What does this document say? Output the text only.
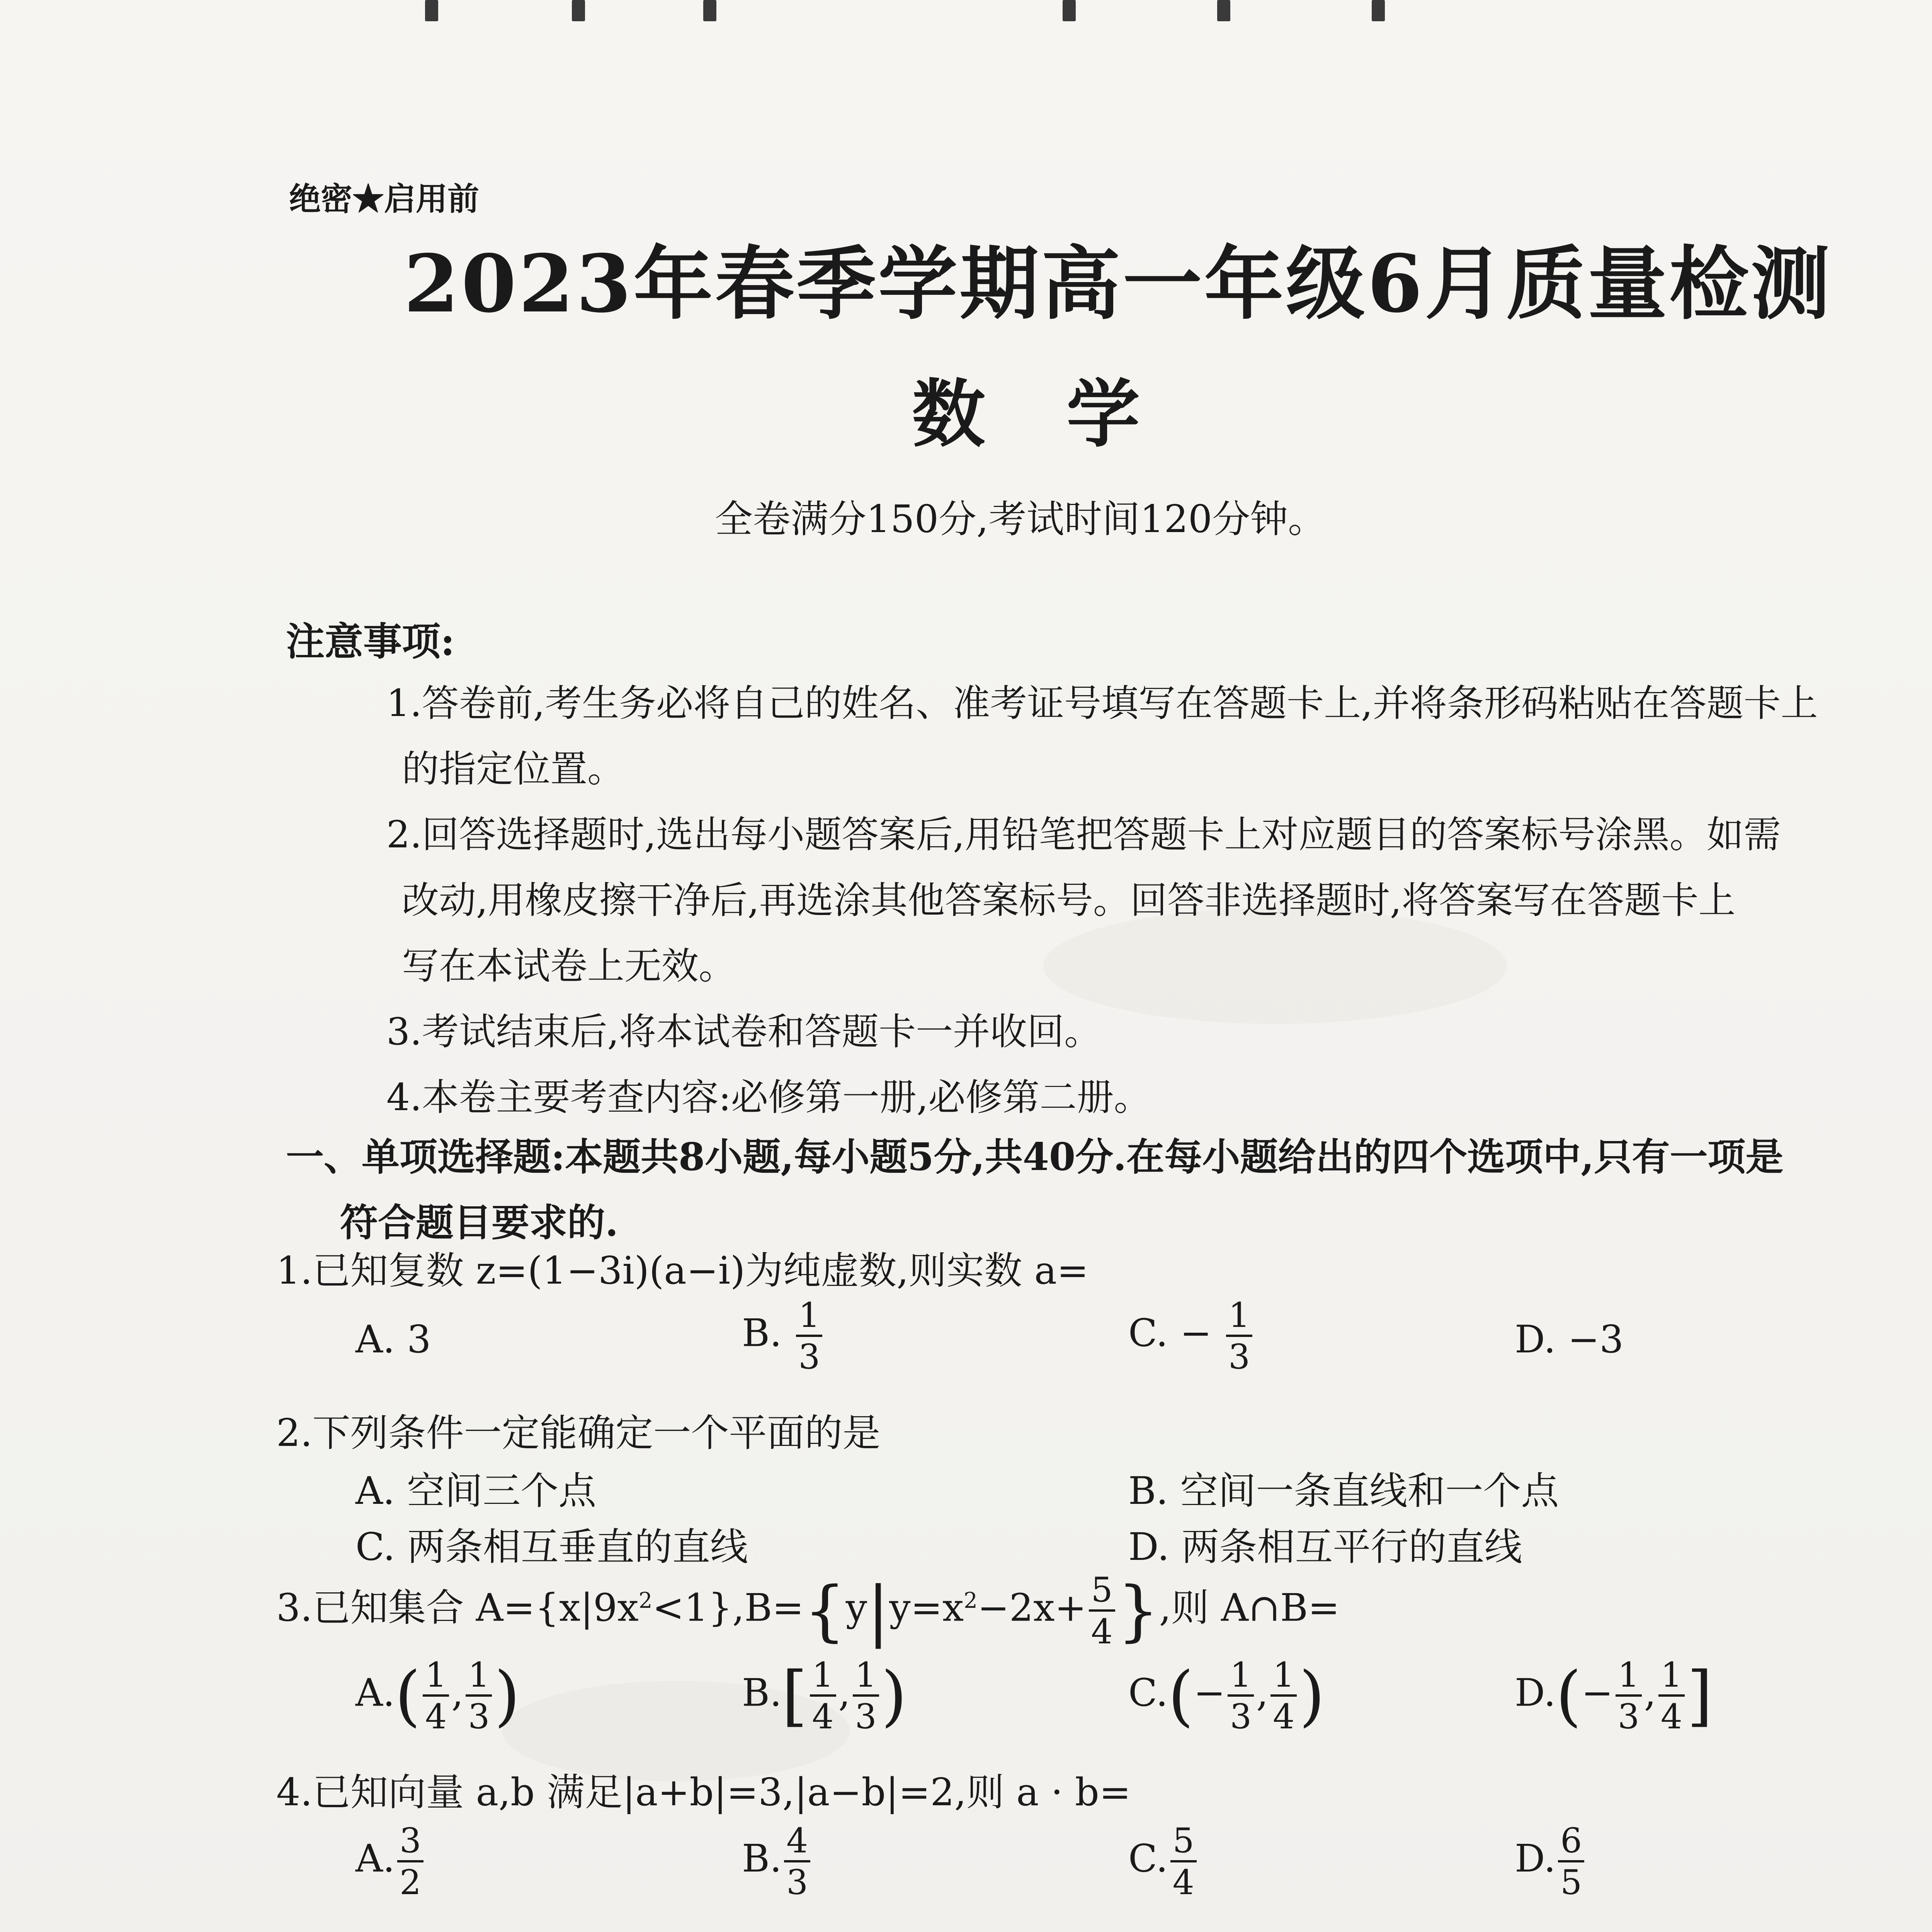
绝密★启用前
2023年春季学期高一年级6月质量检测
数学
全卷满分150分,考试时间120分钟。
注意事项:
1.答卷前,考生务必将自己的姓名、准考证号填写在答题卡上,并将条形码粘贴在答题卡上
的指定位置。
2.回答选择题时,选出每小题答案后,用铅笔把答题卡上对应题目的答案标号涂黑。如需
改动,用橡皮擦干净后,再选涂其他答案标号。回答非选择题时,将答案写在答题卡上
写在本试卷上无效。
3.考试结束后,将本试卷和答题卡一并收回。
4.本卷主要考查内容:必修第一册,必修第二册。
一、单项选择题:本题共8小题,每小题5分,共40分.在每小题给出的四个选项中,只有一项是
符合题目要求的.
1.已知复数 z=(1−3i)(a−i)为纯虚数,则实数 a=
A. 3	B. $\frac{1}{3}$	C. − $\frac{1}{3}$	D. −3
2.下列条件一定能确定一个平面的是
A. 空间三个点	B. 空间一条直线和一个点
C. 两条相互垂直的直线	D. 两条相互平行的直线
3.已知集合 $A=\{x|9x^2<1\},B=\{y|y=x^2-2x+ \frac{5}{4}$ },则 A∩B=
$A.( \frac{1}{4}$ , $\frac{1}{3}$ )	$B.[ \frac{1}{4}$ , $\frac{1}{3}$ )	$C.(- \frac{1}{3}$ , $\frac{1}{4}$ )	$D.(- \frac{1}{3}$ , $\frac{1}{4}$ ]
4.已知向量 a,b 满足|a+b|=3,|a−b|=2,则 a · b=
A. $\frac{3}{2}$	B. $\frac{4}{3}$	C. $\frac{5}{4}$	D. $\frac{6}{5}$
